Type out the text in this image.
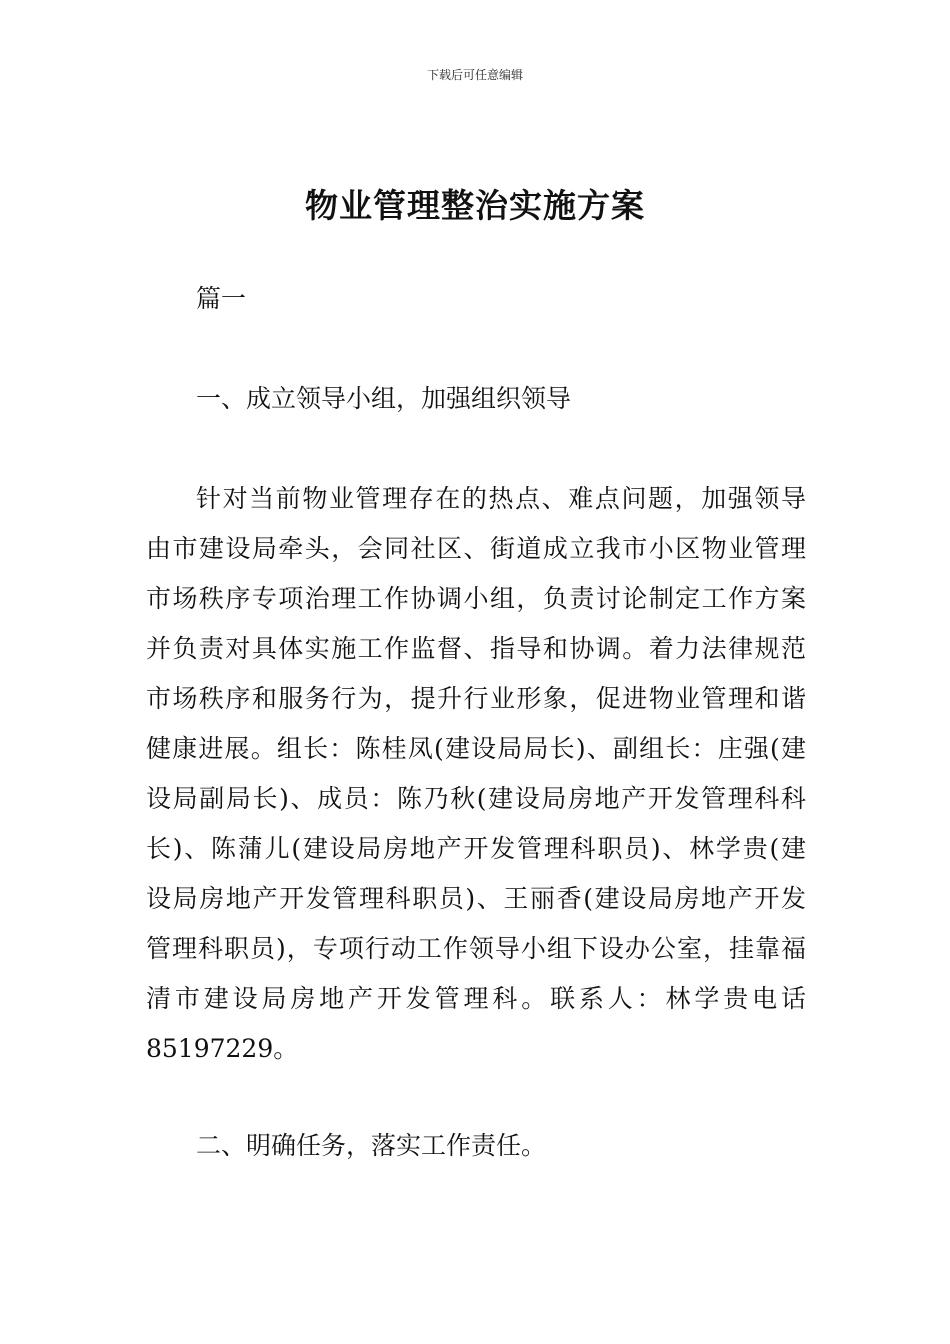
下载后可任意编辑
物业管理整治实施方案
篇一
一、成立领导小组，加强组织领导
针对当前物业管理存在的热点、难点问题，加强领导
由市建设局牵头，会同社区、街道成立我市小区物业管理
市场秩序专项治理工作协调小组，负责讨论制定工作方案
并负责对具体实施工作监督、指导和协调。着力法律规范
市场秩序和服务行为，提升行业形象，促进物业管理和谐
健康进展。组长：陈桂凤(建设局局长)、副组长：庄强(建
设局副局长)、成员：陈乃秋(建设局房地产开发管理科科
长)、陈蒲儿(建设局房地产开发管理科职员)、林学贵(建
设局房地产开发管理科职员)、王丽香(建设局房地产开发
管理科职员)，专项行动工作领导小组下设办公室，挂靠福
清市建设局房地产开发管理科。联系人：林学贵电话
85197229。
二、明确任务，落实工作责任。
